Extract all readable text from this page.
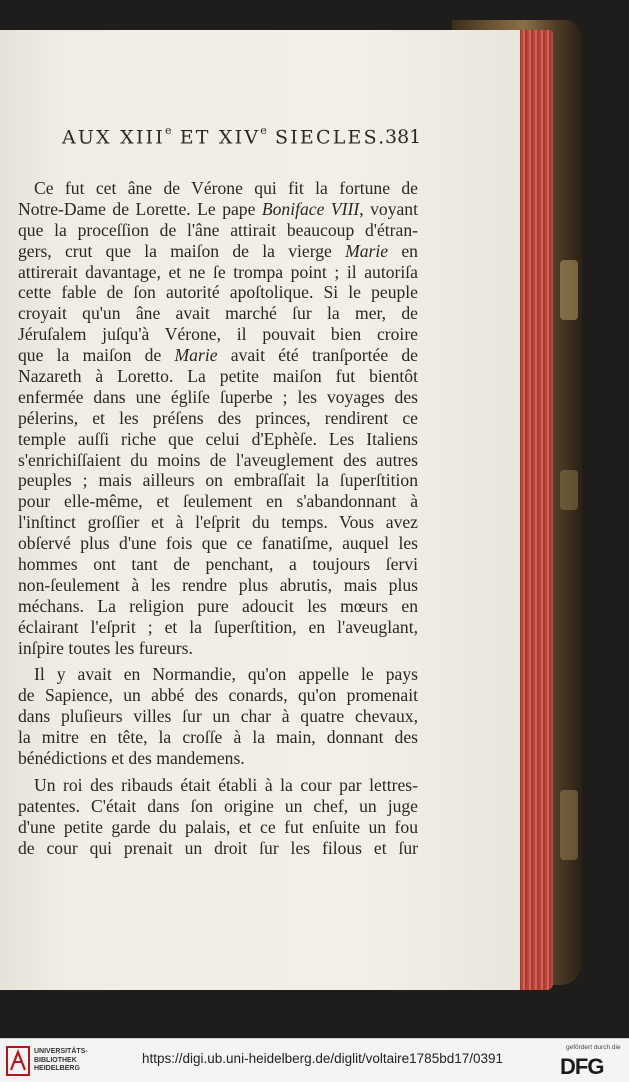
AUX XIIIe ET XIVe SIECLES.
381
Ce fut cet âne de Vérone qui fit la fortune de
Notre-Dame de Lorette. Le pape Boniface VIII, voyant
que la proceſſion de l'âne attirait beaucoup d'étran-
gers, crut que la maiſon de la vierge Marie en
attirerait davantage, et ne ſe trompa point ; il autoriſa
cette fable de ſon autorité apoſtolique. Si le peuple
croyait qu'un âne avait marché ſur la mer, de
Jéruſalem juſqu'à Vérone, il pouvait bien croire
que la maiſon de Marie avait été tranſportée de
Nazareth à Loretto. La petite maiſon fut bientôt
enfermée dans une égliſe ſuperbe ; les voyages des
pélerins, et les préſens des princes, rendirent ce
temple auſſi riche que celui d'Ephèſe. Les Italiens
s'enrichiſſaient du moins de l'aveuglement des autres
peuples ; mais ailleurs on embraſſait la ſuperſtition
pour elle-même, et ſeulement en s'abandonnant à
l'inſtinct groſſier et à l'eſprit du temps. Vous avez
obſervé plus d'une fois que ce fanatiſme, auquel les
hommes ont tant de penchant, a toujours ſervi
non-ſeulement à les rendre plus abrutis, mais plus
méchans. La religion pure adoucit les mœurs en
éclairant l'eſprit ; et la ſuperſtition, en l'aveuglant,
inſpire toutes les fureurs.
Il y avait en Normandie, qu'on appelle le pays
de Sapience, un abbé des conards, qu'on promenait
dans pluſieurs villes ſur un char à quatre chevaux,
la mitre en tête, la croſſe à la main, donnant des
bénédictions et des mandemens.
Un roi des ribauds était établi à la cour par lettres-
patentes. C'était dans ſon origine un chef, un juge
d'une petite garde du palais, et ce fut enſuite un fou
de cour qui prenait un droit ſur les filous et ſur
UNIVERSITÄTS-
BIBLIOTHEK
HEIDELBERG
https://digi.ub.uni-heidelberg.de/diglit/voltaire1785bd17/0391
gefördert durch die
DFG
